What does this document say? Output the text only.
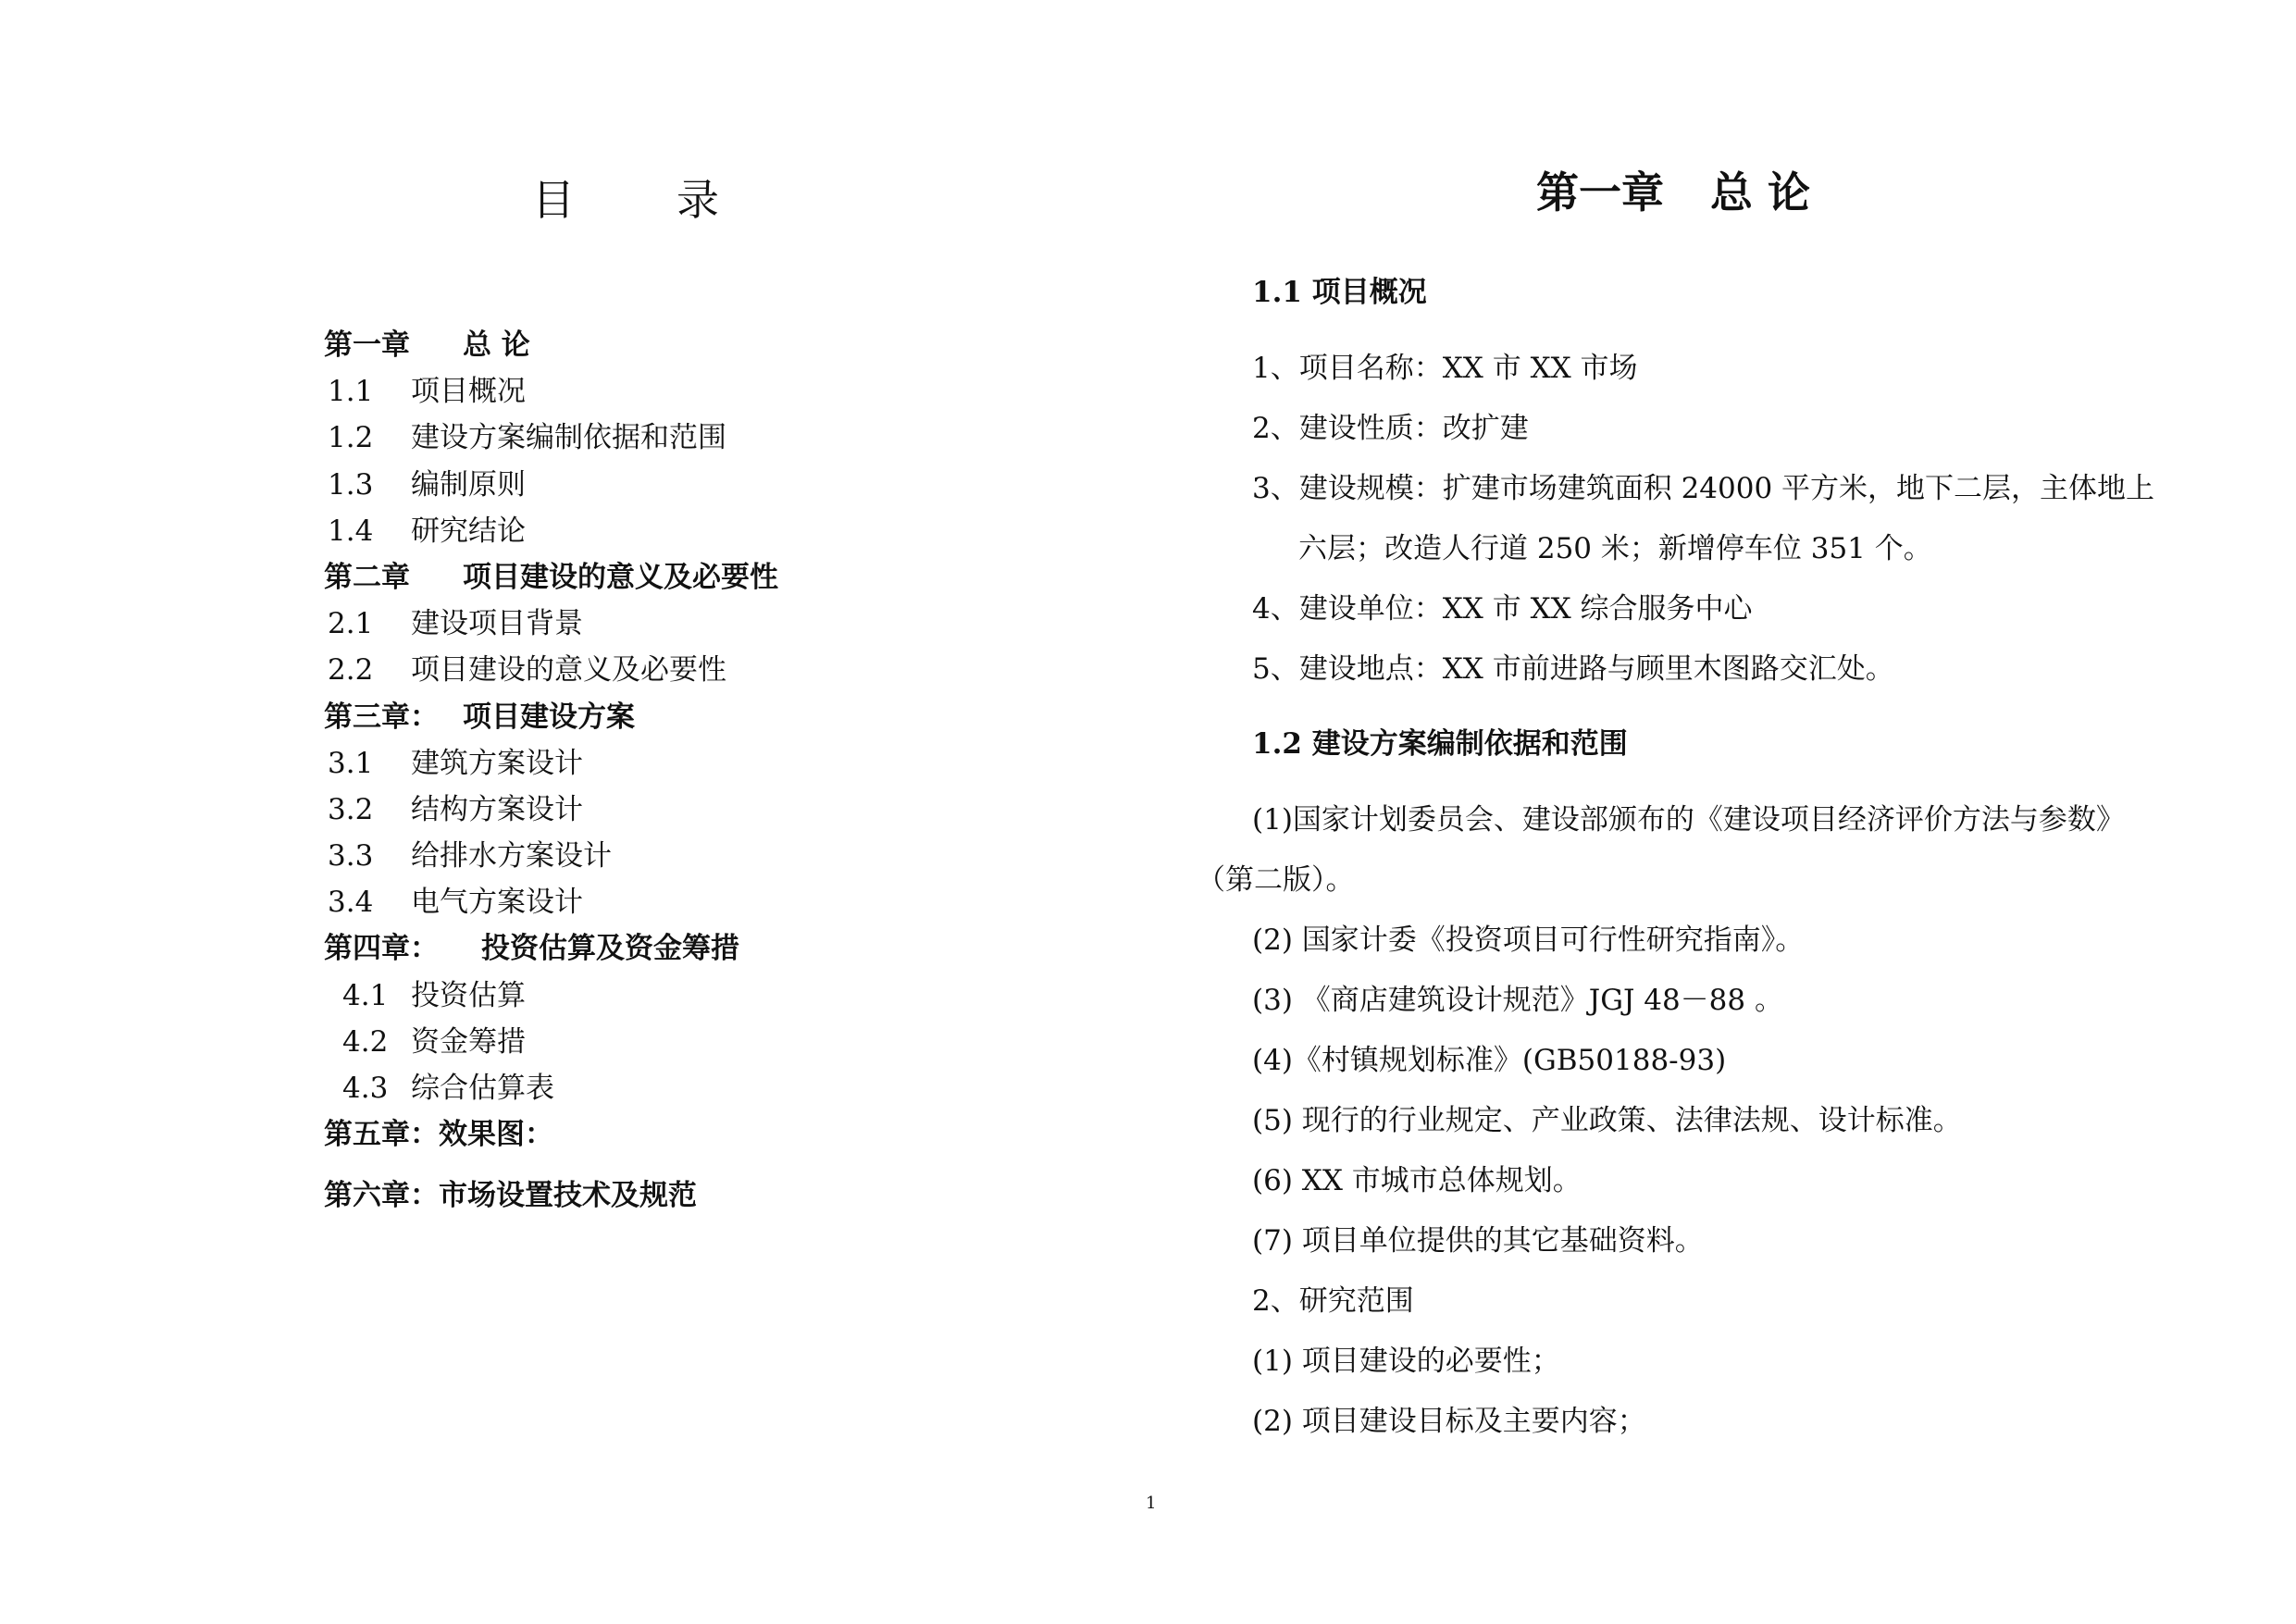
目录
第一章 总 论
1.1 项目概况
1.2 建设方案编制依据和范围
1.3 编制原则
1.4 研究结论
第二章 项目建设的意义及必要性
2.1 建设项目背景
2.2 项目建设的意义及必要性
第三章： 项目建设方案
3.1 建筑方案设计
3.2 结构方案设计
3.3 给排水方案设计
3.4 电气方案设计
第四章： 投资估算及资金筹措
4.1 投资估算
4.2 资金筹措
4.3 综合估算表
第五章：效果图：
第六章：市场设置技术及规范
第一章 总 论
1.1 项目概况
1、项目名称：XX 市 XX 市场
2、建设性质：改扩建
3、建设规模：扩建市场建筑面积 24000 平方米，地下二层，主体地上
六层；改造人行道 250 米；新增停车位 351 个。
4、建设单位：XX 市 XX 综合服务中心
5、建设地点：XX 市前进路与顾里木图路交汇处。
1.2 建设方案编制依据和范围
(1)国家计划委员会、建设部颁布的《建设项目经济评价方法与参数》
（第二版）。
(2) 国家计委《投资项目可行性研究指南》。
(3) 《商店建筑设计规范》JGJ 48－88 。
(4)《村镇规划标准》(GB50188-93)
(5) 现行的行业规定、产业政策、法律法规、设计标准。
(6) XX 市城市总体规划。
(7) 项目单位提供的其它基础资料。
2、研究范围
(1) 项目建设的必要性；
(2) 项目建设目标及主要内容；
1
